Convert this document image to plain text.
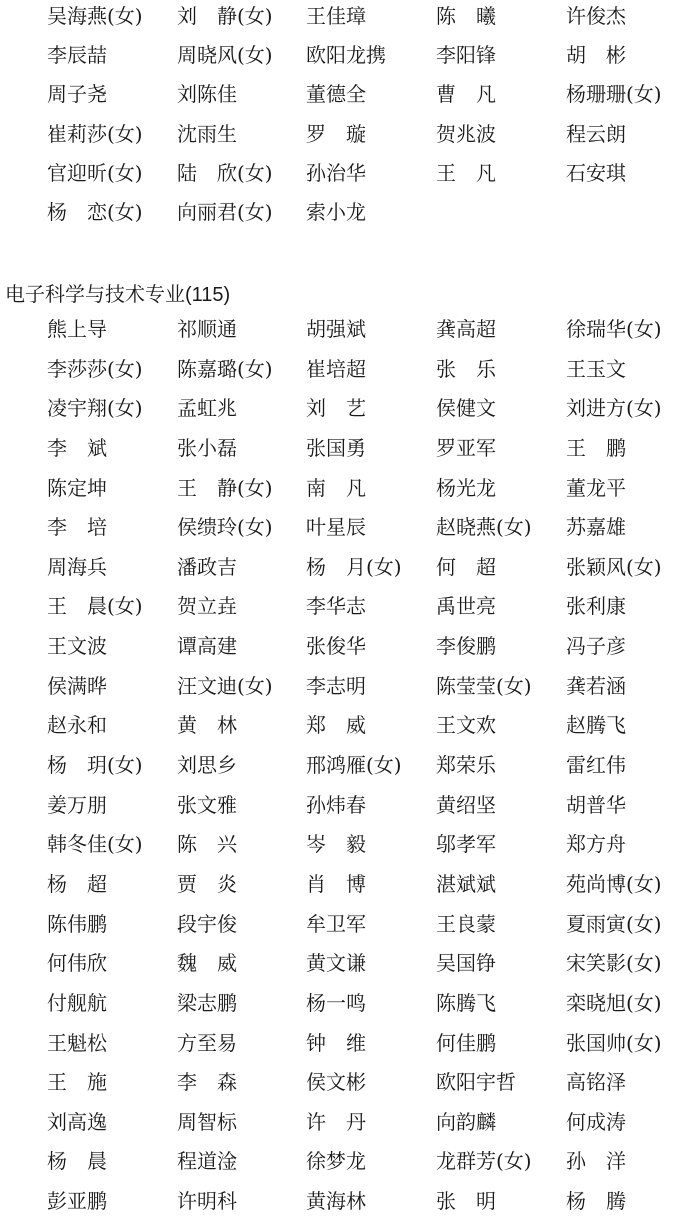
吴海燕(女) 刘　静(女) 王佳璋	陈　曦	许俊杰
李辰喆	周晓风(女) 欧阳龙携	李阳锋	胡　彬
周子尧	刘陈佳	董德全	曹　凡	杨珊珊(女)
崔莉莎(女) 沈雨生	罗　璇	贺兆波	程云朗
官迎昕(女) 陆　欣(女) 孙治华	王　凡	石安琪
杨　恋(女) 向丽君(女) 索小龙
电子科学与技术专业(115)
熊上导	祁顺通	胡强斌	龚高超	徐瑞华(女)
李莎莎(女) 陈嘉璐(女) 崔培超	张　乐	王玉文
凌宇翔(女) 孟虹兆	刘　艺	侯健文	刘进方(女)
李　斌	张小磊	张国勇	罗亚军	王　鹏
陈定坤	王　静(女) 南　凡	杨光龙	董龙平
李　培	侯缋玲(女) 叶星辰	赵晓燕(女) 苏嘉雄
周海兵	潘政吉	杨　月(女) 何　超	张颖风(女)
王　晨(女) 贺立垚	李华志	禹世亮	张利康
王文波	谭高建	张俊华	李俊鹏	冯子彦
侯满晔	汪文迪(女) 李志明	陈莹莹(女) 龚若涵
赵永和	黄　林	郑　威	王文欢	赵腾飞
杨　玥(女) 刘思乡	邢鸿雁(女) 郑荣乐	雷红伟
姜万朋	张文雅	孙炜春	黄绍坚	胡普华
韩冬佳(女) 陈　兴	岑　毅	邬孝军	郑方舟
杨　超	贾　炎	肖　博	湛斌斌	苑尚博(女)
陈伟鹏	段宇俊	牟卫军	王良蒙	夏雨寅(女)
何伟欣	魏　威	黄文谦	吴国铮	宋笑影(女)
付舰航	梁志鹏	杨一鸣	陈腾飞	栾晓旭(女)
王魁松	方至易	钟　维	何佳鹏	张国帅(女)
王　施	李　森	侯文彬	欧阳宇哲	高铭泽
刘高逸	周智标	许　丹	向韵麟	何成涛
杨　晨	程道淦	徐梦龙	龙群芳(女) 孙　洋
彭亚鹏	许明科	黄海林	张　明	杨　腾
